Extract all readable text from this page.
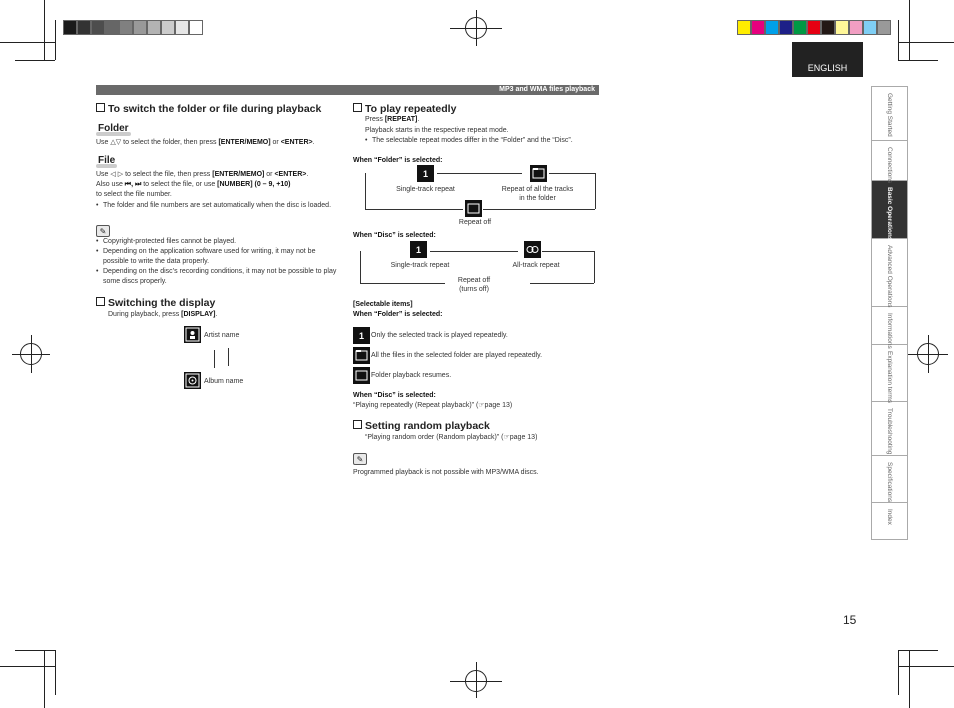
ENGLISH
MP3 and WMA files playback
Getting Started
Connections
Basic Operations
Advanced Operations
Informations
Explanation terms
Troubleshooting
Specifications
Index
To switch the folder or file during playback
Folder
Use △▽ to select the folder, then press [ENTER/MEMO] or <ENTER>.
File
Use ◁ ▷ to select the file, then press [ENTER/MEMO] or <ENTER>.
Also use ⏮, ⏭ to select the file, or use [NUMBER] (0 – 9, +10)
to select the file number.
• The folder and file numbers are set automatically when the disc is loaded.
✎
• Copyright-protected files cannot be played.
• Depending on the application software used for writing, it may not be possible to write the data properly.
• Depending on the disc’s recording conditions, it may not be possible to play some discs properly.
Switching the display
During playback, press [DISPLAY].
Artist name
Album name
To play repeatedly
Press [REPEAT].
Playback starts in the respective repeat mode.
• The selectable repeat modes differ in the “Folder” and the “Disc”.
When “Folder” is selected:
1
Single-track repeat	Repeat of all the tracks
in the folder
Repeat off
When “Disc” is selected:
1
Single-track repeat	All-track repeat
Repeat off
(turns off)
[Selectable items]
When “Folder” is selected:
1	Only the selected track is played repeatedly.
All the files in the selected folder are played repeatedly.
Folder playback resumes.
When “Disc” is selected:
“Playing repeatedly (Repeat playback)” (☞page 13)
Setting random playback
“Playing random order (Random playback)” (☞page 13)
✎
Programmed playback is not possible with MP3/WMA discs.
15
